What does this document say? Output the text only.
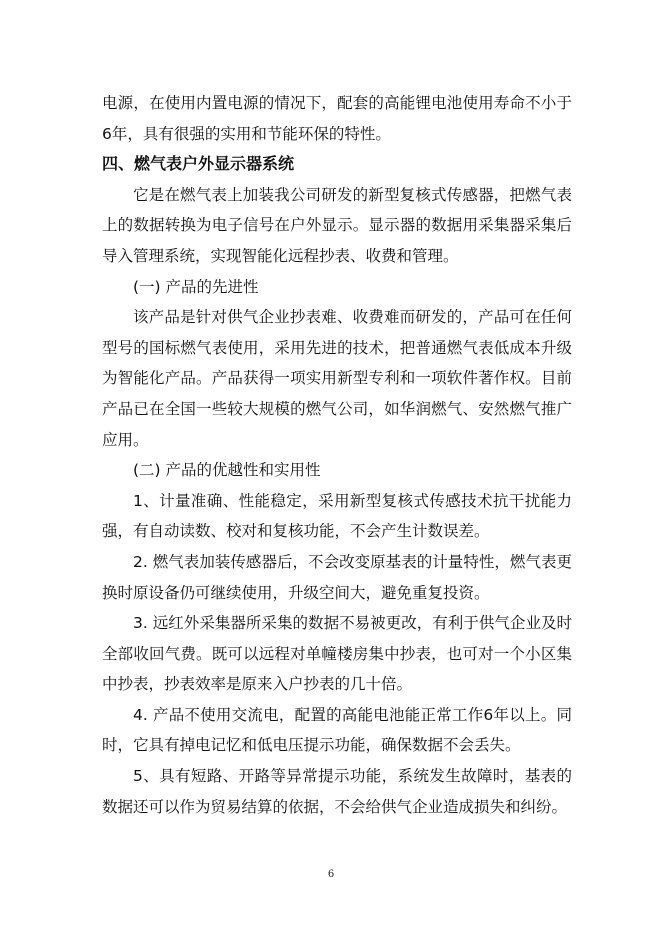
电源，在使用内置电源的情况下，配套的高能锂电池使用寿命不小于6年，具有很强的实用和节能环保的特性。

四、燃气表户外显示器系统

它是在燃气表上加装我公司研发的新型复核式传感器，把燃气表上的数据转换为电子信号在户外显示。显示器的数据用采集器采集后导入管理系统，实现智能化远程抄表、收费和管理。

(一) 产品的先进性

该产品是针对供气企业抄表难、收费难而研发的，产品可在任何型号的国标燃气表使用，采用先进的技术，把普通燃气表低成本升级为智能化产品。产品获得一项实用新型专利和一项软件著作权。目前产品已在全国一些较大规模的燃气公司，如华润燃气、安然燃气推广应用。

(二) 产品的优越性和实用性

1、计量准确、性能稳定，采用新型复核式传感技术抗干扰能力强，有自动读数、校对和复核功能，不会产生计数误差。

2. 燃气表加装传感器后，不会改变原基表的计量特性，燃气表更换时原设备仍可继续使用，升级空间大，避免重复投资。

3. 远红外采集器所采集的数据不易被更改，有利于供气企业及时全部收回气费。既可以远程对单幢楼房集中抄表，也可对一个小区集中抄表，抄表效率是原来入户抄表的几十倍。

4. 产品不使用交流电，配置的高能电池能正常工作6年以上。同时，它具有掉电记忆和低电压提示功能，确保数据不会丢失。

5、具有短路、开路等异常提示功能，系统发生故障时，基表的数据还可以作为贸易结算的依据，不会给供气企业造成损失和纠纷。

6
